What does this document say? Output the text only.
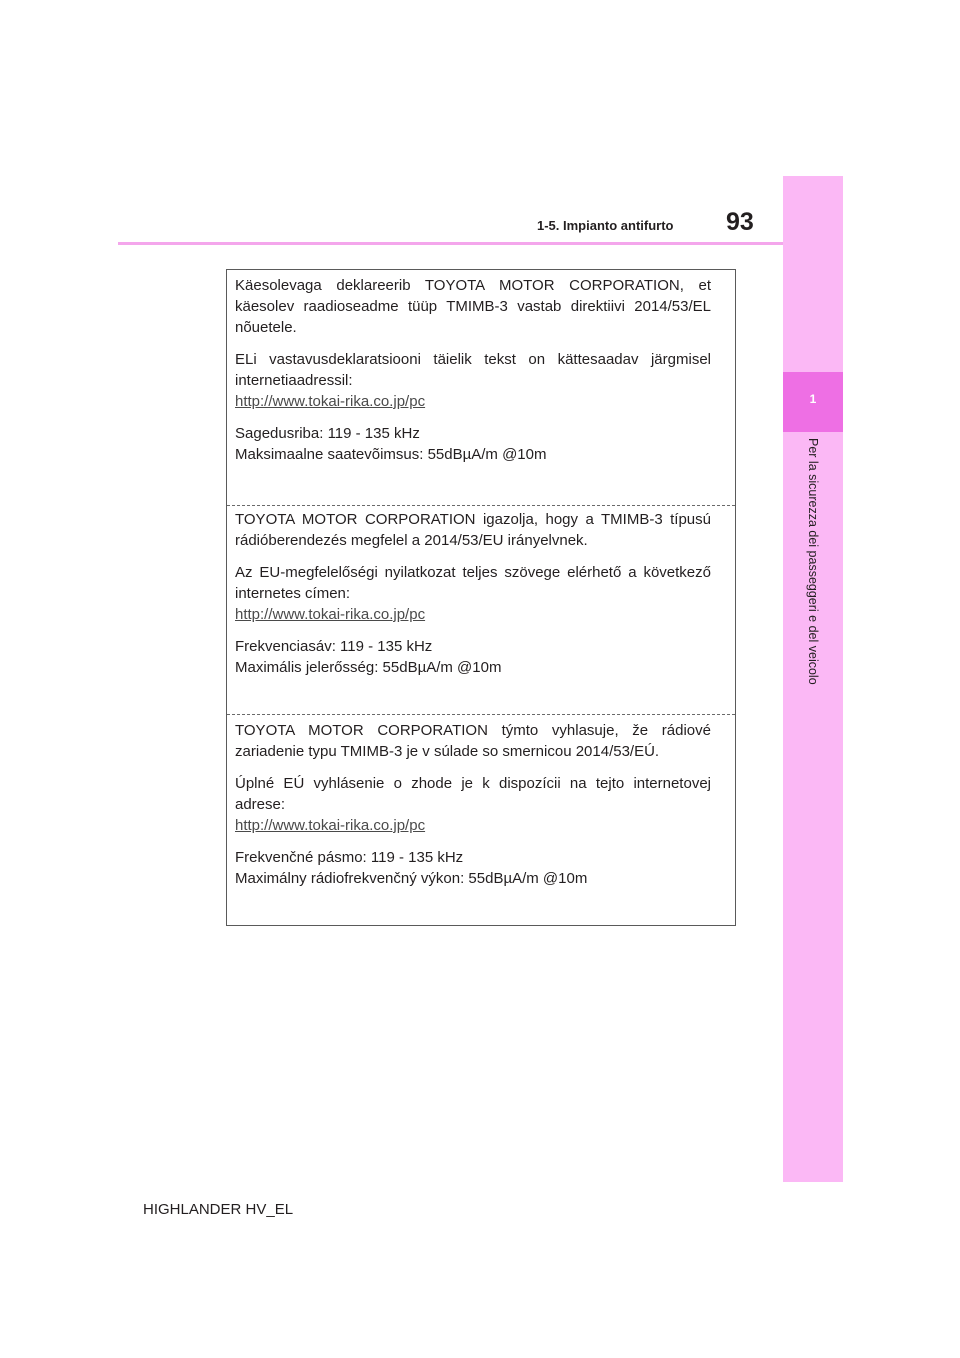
1
Per la sicurezza dei passeggeri e del veicolo
1-5. Impianto antifurto 93

Käesolevaga deklareerib TOYOTA MOTOR CORPORATION, et käesolev raadioseadme tüüp TMIMB-3 vastab direktiivi 2014/53/EL nõuetele.

ELi vastavusdeklaratsiooni täielik tekst on kättesaadav järgmisel internetiaadressil:

http://www.tokai-rika.co.jp/pc

Sagedusriba: 119 - 135 kHz

Maksimaalne saatevõimsus: 55dBµA/m @10m

TOYOTA MOTOR CORPORATION igazolja, hogy a TMIMB-3 típusú rádióberendezés megfelel a 2014/53/EU irányelvnek.

Az EU-megfelelőségi nyilatkozat teljes szövege elérhető a következő internetes címen:

http://www.tokai-rika.co.jp/pc

Frekvenciasáv: 119 - 135 kHz

Maximális jelerősség: 55dBµA/m @10m

TOYOTA MOTOR CORPORATION týmto vyhlasuje, že rádiové zariadenie typu TMIMB-3 je v súlade so smernicou 2014/53/EÚ.

Úplné EÚ vyhlásenie o zhode je k dispozícii na tejto internetovej adrese:

http://www.tokai-rika.co.jp/pc

Frekvenčné pásmo: 119 - 135 kHz

Maximálny rádiofrekvenčný výkon: 55dBµA/m @10m

HIGHLANDER HV_EL
